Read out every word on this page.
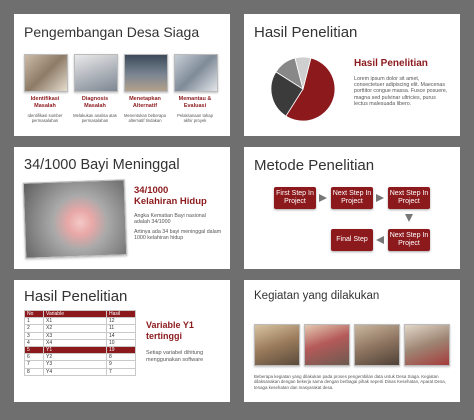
Pengembangan Desa Siaga
Identifikasi Masalah
Diagnosis Masalah
Menetapkan Alternatif
Memantau & Evaluasi
Identifikasi sumber permasalahan
Melakukan analisa atas permasalahan
Menentukan beberapa alternatif tindakan
Pelaksanaan tahap akhir proyek
Hasil Penelitian
Hasil Penelitian
Lorem ipsum dolor sit amet, consectetuer adipiscing elit. Maecenas porttitor congue massa. Fusce posuere, magna sed pulvinar ultricies, purus lectus malesuada libero.
34/1000 Bayi Meninggal
34/1000
Kelahiran Hidup
Angka Kematian Bayi nasional adalah 34/1000
Artinya ada 34 bayi meninggal dalam 1000 kelahiran hidup
Metode Penelitian
First Step In Project
Next Step In Project
Next Step In Project
Next Step In Project
Final Step
Hasil Penelitian
No	Variable	Hasil
1	X1	12
2	X2	11
3	X3	14
4	X4	10
5	Y1	19
6	Y2	8
7	Y3	9
8	Y4	7
Variable Y1
tertinggi
Setiap variabel dihitung menggunakan software
Kegiatan yang dilakukan
Beberapa kegiatan yang dilakukan pada proses pengembilan data untuk Desa Siaga. Kegiatan dilaksanakan dengan bekerja sama dengan berbagai pihak seperti Dinas Kesehatan, Aparat Desa, tenaga kesehatan dan masyarakat desa.
